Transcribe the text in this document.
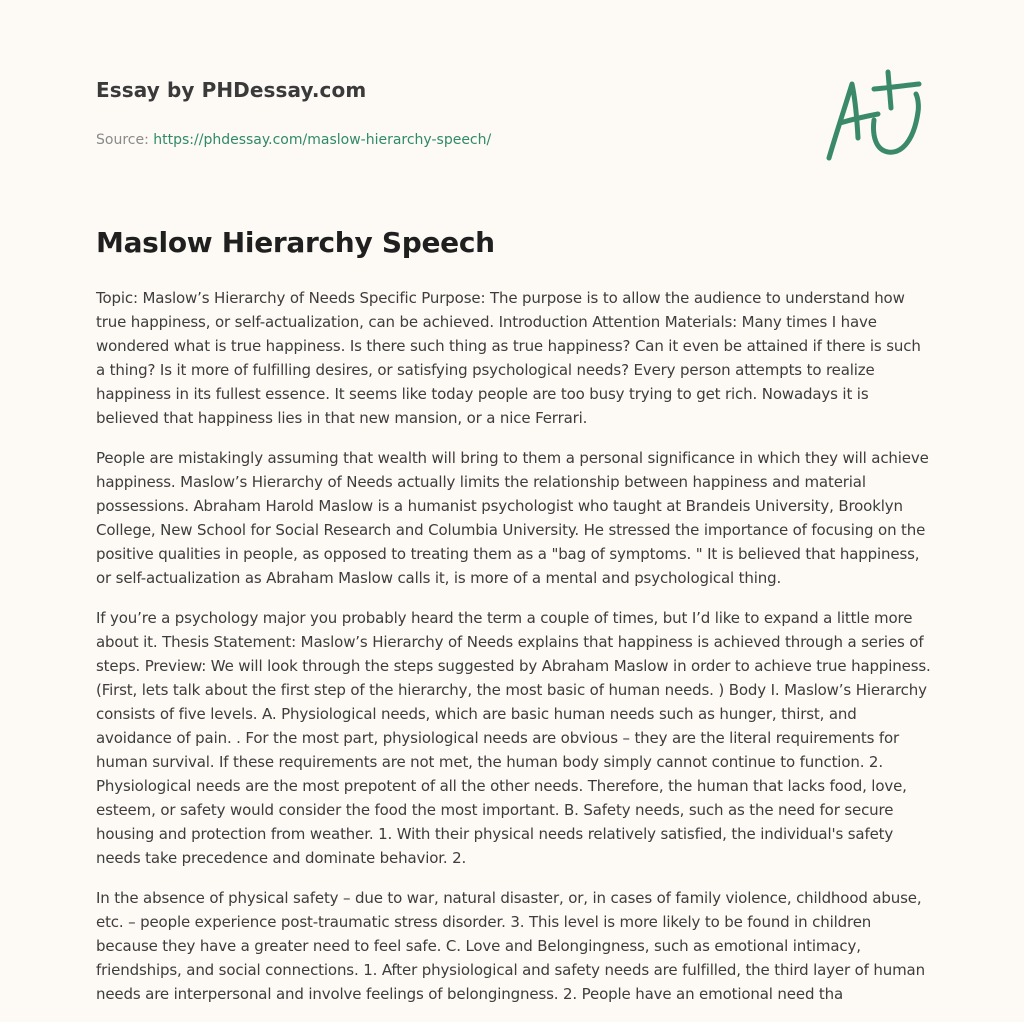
Essay by PHDessay.com

Source: https://phdessay.com/maslow-hierarchy-speech/
Maslow Hierarchy Speech

Topic: Maslow’s Hierarchy of Needs Specific Purpose: The purpose is to allow the audience to understand how true happiness, or self-actualization, can be achieved. Introduction Attention Materials: Many times I have wondered what is true happiness. Is there such thing as true happiness? Can it even be attained if there is such a thing? Is it more of fulfilling desires, or satisfying psychological needs? Every person attempts to realize happiness in its fullest essence. It seems like today people are too busy trying to get rich. Nowadays it is believed that happiness lies in that new mansion, or a nice Ferrari.

People are mistakingly assuming that wealth will bring to them a personal significance in which they will achieve happiness. Maslow’s Hierarchy of Needs actually limits the relationship between happiness and material possessions. Abraham Harold Maslow is a humanist psychologist who taught at Brandeis University, Brooklyn College, New School for Social Research and Columbia University. He stressed the importance of focusing on the positive qualities in people, as opposed to treating them as a "bag of symptoms. " It is believed that happiness, or self-actualization as Abraham Maslow calls it, is more of a mental and psychological thing.

If you’re a psychology major you probably heard the term a couple of times, but I’d like to expand a little more about it. Thesis Statement: Maslow’s Hierarchy of Needs explains that happiness is achieved through a series of steps. Preview: We will look through the steps suggested by Abraham Maslow in order to achieve true happiness. (First, lets talk about the first step of the hierarchy, the most basic of human needs. ) Body I. Maslow’s Hierarchy consists of five levels. A. Physiological needs, which are basic human needs such as hunger, thirst, and avoidance of pain. . For the most part, physiological needs are obvious – they are the literal requirements for human survival. If these requirements are not met, the human body simply cannot continue to function. 2. Physiological needs are the most prepotent of all the other needs. Therefore, the human that lacks food, love, esteem, or safety would consider the food the most important. B. Safety needs, such as the need for secure housing and protection from weather. 1. With their physical needs relatively satisfied, the individual's safety needs take precedence and dominate behavior. 2.

In the absence of physical safety – due to war, natural disaster, or, in cases of family violence, childhood abuse, etc. – people experience post-traumatic stress disorder. 3. This level is more likely to be found in children because they have a greater need to feel safe. C. Love and Belongingness, such as emotional intimacy, friendships, and social connections. 1. After physiological and safety needs are fulfilled, the third layer of human needs are interpersonal and involve feelings of belongingness. 2. People have an emotional need tha
